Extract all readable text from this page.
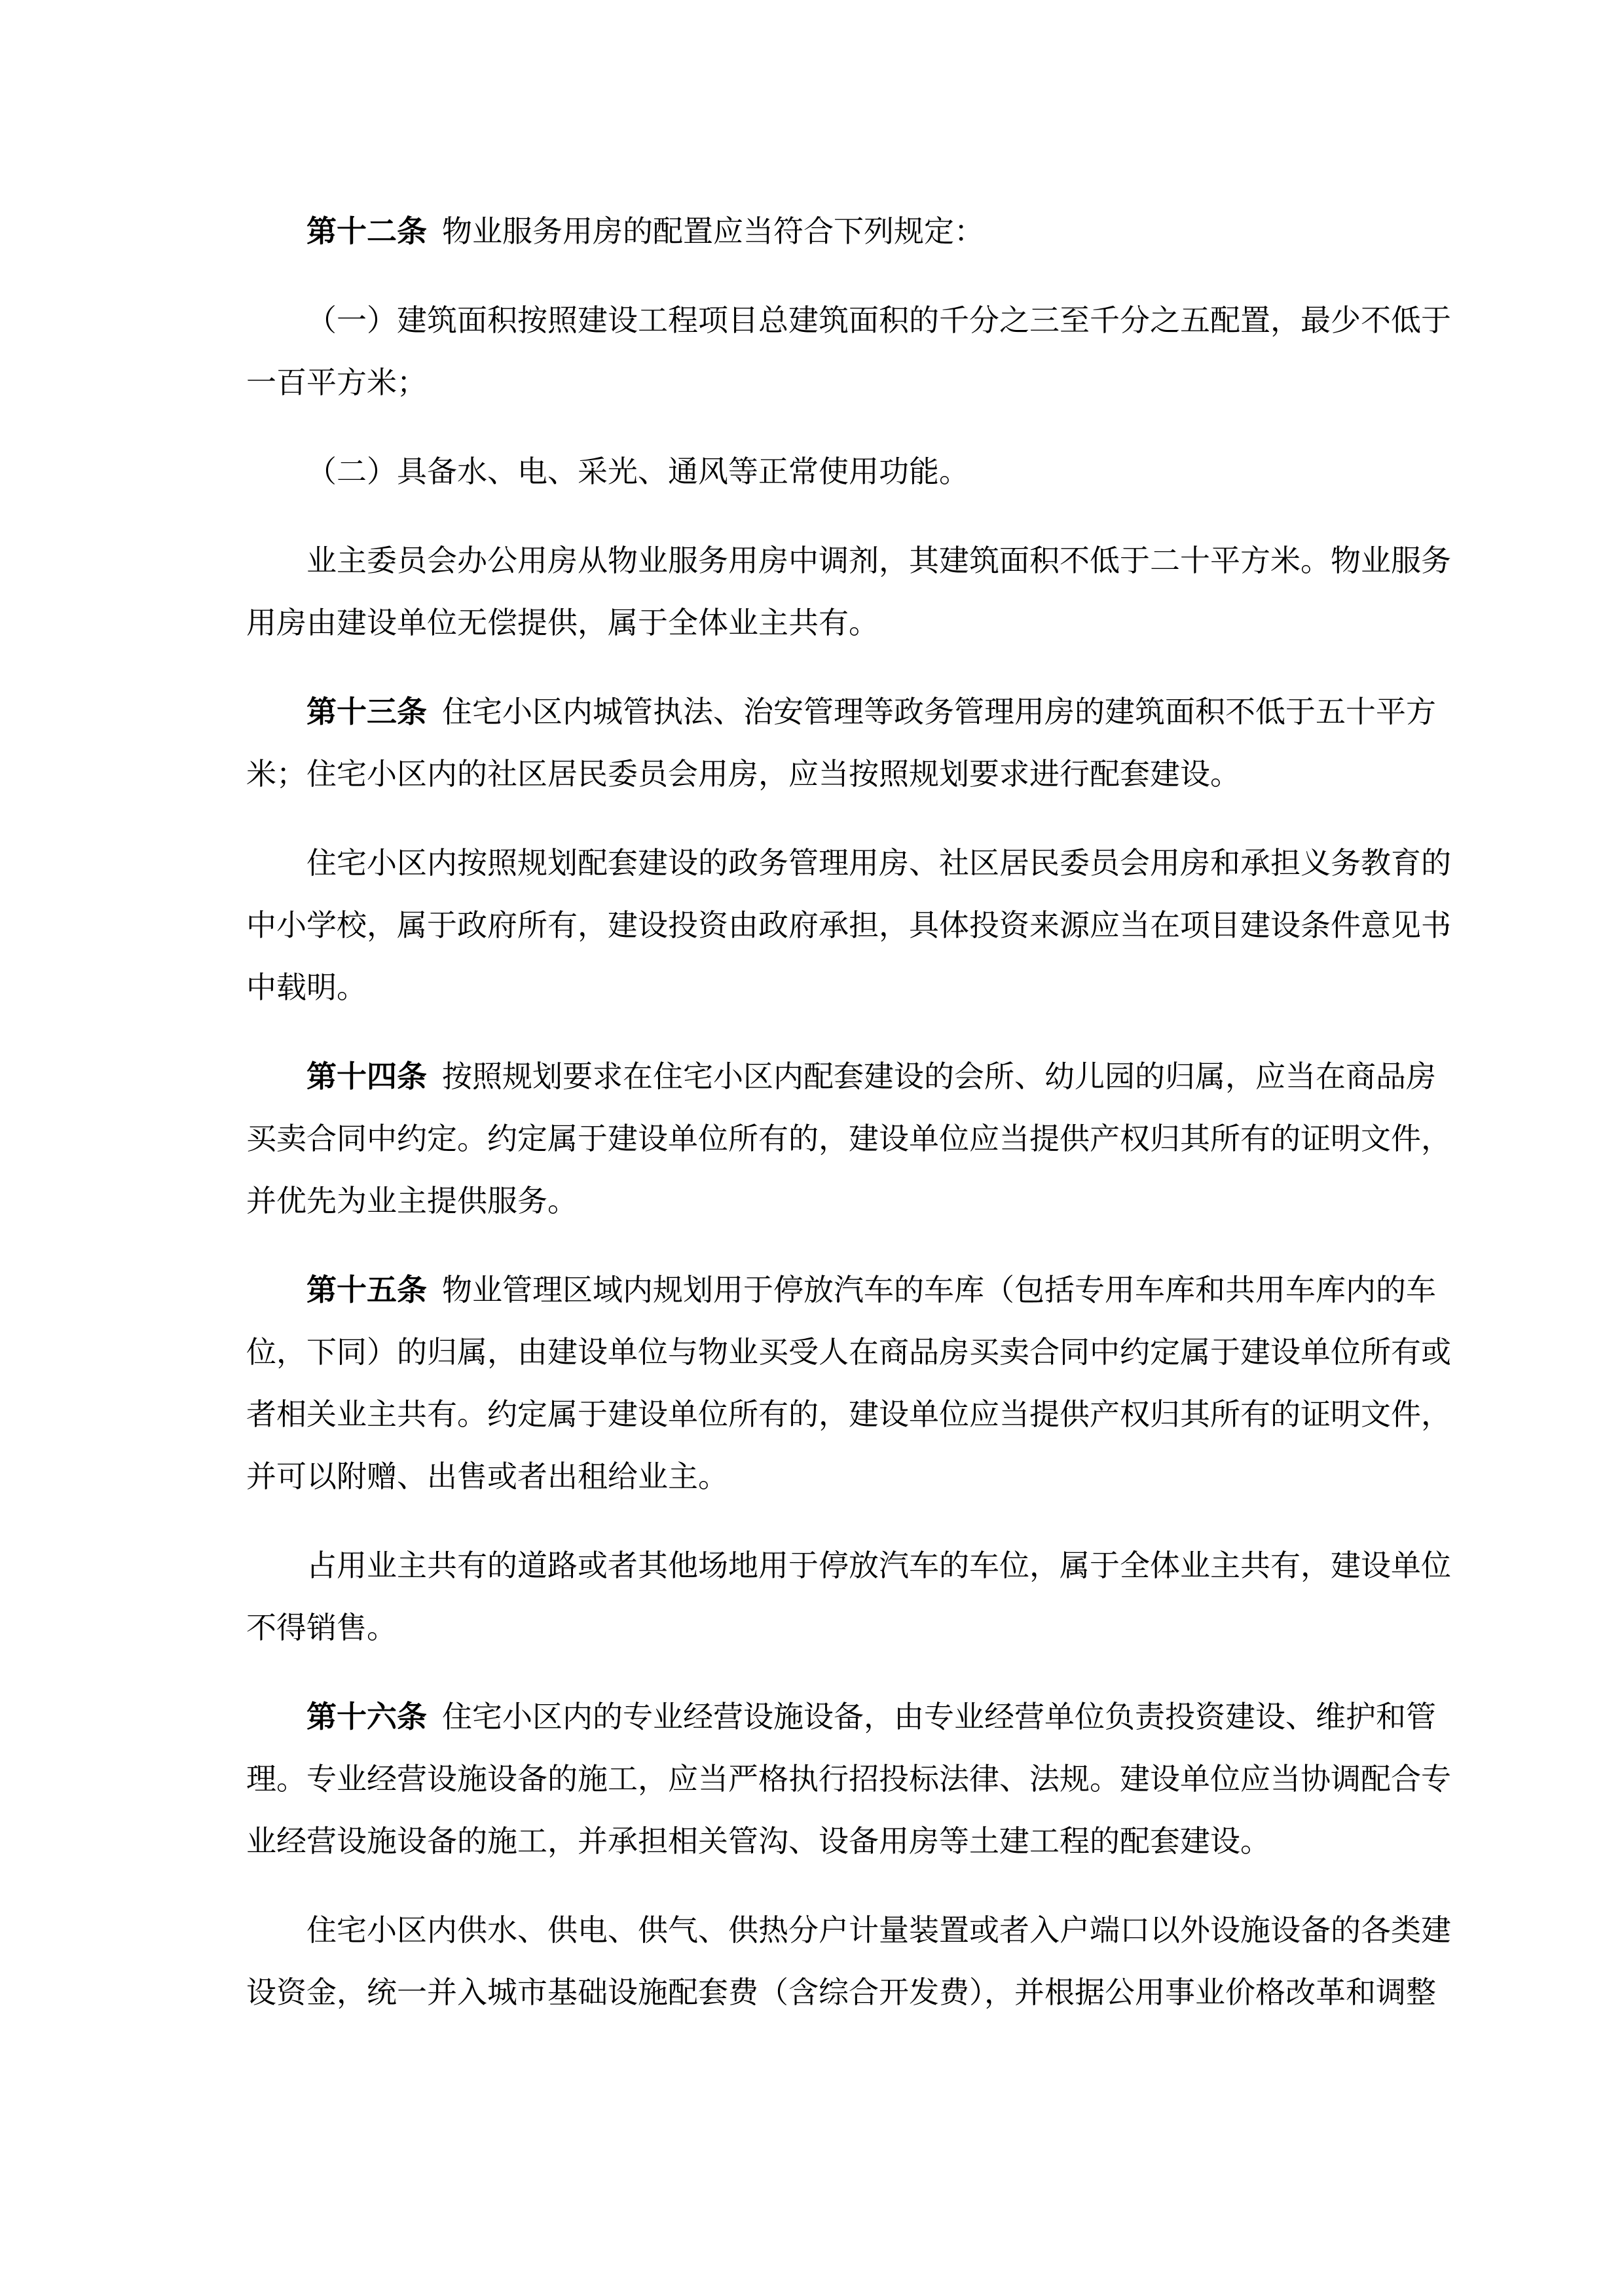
第十二条  物业服务用房的配置应当符合下列规定：
（一）建筑面积按照建设工程项目总建筑面积的千分之三至千分之五配置，最少不低于
一百平方米；
（二）具备水、电、采光、通风等正常使用功能。
业主委员会办公用房从物业服务用房中调剂，其建筑面积不低于二十平方米。物业服务
用房由建设单位无偿提供，属于全体业主共有。
第十三条  住宅小区内城管执法、治安管理等政务管理用房的建筑面积不低于五十平方
米；住宅小区内的社区居民委员会用房，应当按照规划要求进行配套建设。
住宅小区内按照规划配套建设的政务管理用房、社区居民委员会用房和承担义务教育的
中小学校，属于政府所有，建设投资由政府承担，具体投资来源应当在项目建设条件意见书
中载明。
第十四条  按照规划要求在住宅小区内配套建设的会所、幼儿园的归属，应当在商品房
买卖合同中约定。约定属于建设单位所有的，建设单位应当提供产权归其所有的证明文件，
并优先为业主提供服务。
第十五条  物业管理区域内规划用于停放汽车的车库（包括专用车库和共用车库内的车
位，下同）的归属，由建设单位与物业买受人在商品房买卖合同中约定属于建设单位所有或
者相关业主共有。约定属于建设单位所有的，建设单位应当提供产权归其所有的证明文件，
并可以附赠、出售或者出租给业主。
占用业主共有的道路或者其他场地用于停放汽车的车位，属于全体业主共有，建设单位
不得销售。
第十六条  住宅小区内的专业经营设施设备，由专业经营单位负责投资建设、维护和管
理。专业经营设施设备的施工，应当严格执行招投标法律、法规。建设单位应当协调配合专
业经营设施设备的施工，并承担相关管沟、设备用房等土建工程的配套建设。
住宅小区内供水、供电、供气、供热分户计量装置或者入户端口以外设施设备的各类建
设资金，统一并入城市基础设施配套费（含综合开发费），并根据公用事业价格改革和调整
